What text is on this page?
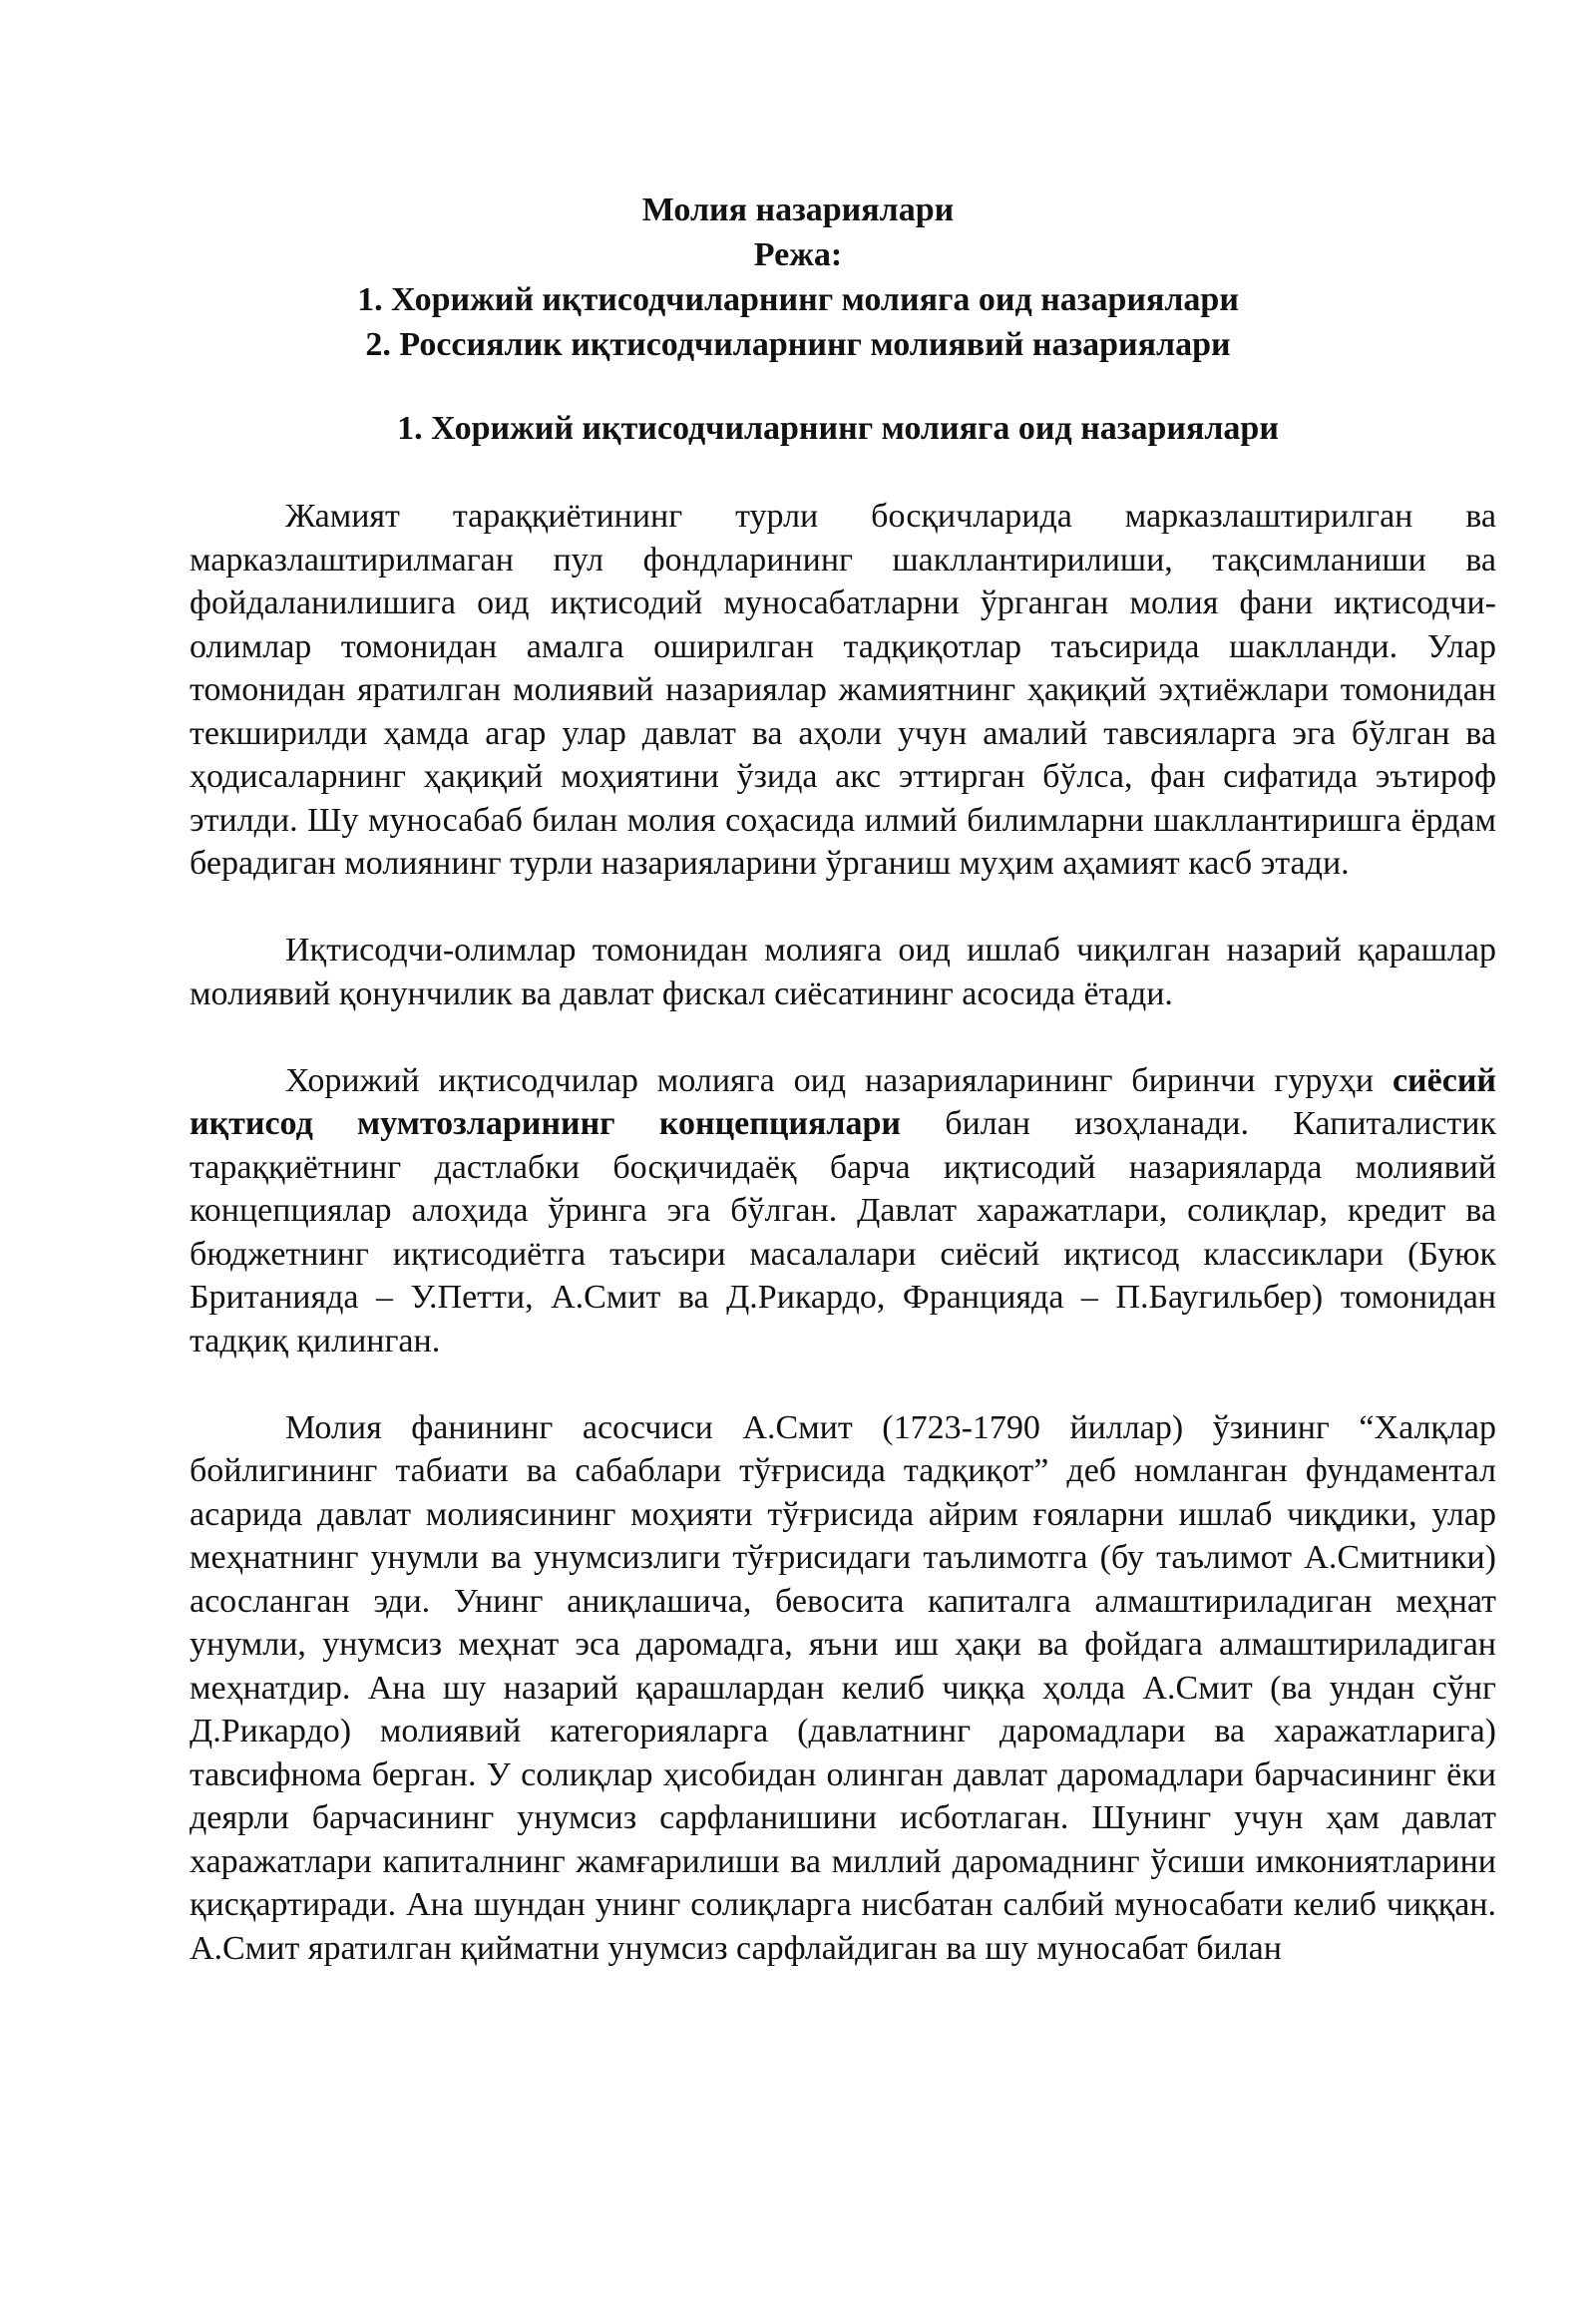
Молия назариялари
Режа:
1. Хорижий иқтисодчиларнинг молияга оид назариялари
2. Россиялик иқтисодчиларнинг молиявий назариялари
1. Хорижий иқтисодчиларнинг молияга оид назариялари

Жамият тараққиётининг турли босқичларида марказлаштирилган ва марказлаштирилмаган пул фондларининг шакллантирилиши, тақсимланиши ва фойдаланилишига оид иқтисодий муносабатларни ўрганган молия фани иқтисодчи-олимлар томонидан амалга оширилган тадқиқотлар таъсирида шаклланди. Улар томонидан яратилган молиявий назариялар жамиятнинг ҳақиқий эҳтиёжлари томонидан текширилди ҳамда агар улар давлат ва аҳоли учун амалий тавсияларга эга бўлган ва ҳодисаларнинг ҳақиқий моҳиятини ўзида акс эттирган бўлса, фан сифатида эътироф этилди. Шу муносабаб билан молия соҳасида илмий билимларни шакллантиришга ёрдам берадиган молиянинг турли назарияларини ўрганиш муҳим аҳамият касб этади.

Иқтисодчи-олимлар томонидан молияга оид ишлаб чиқилган назарий қарашлар молиявий қонунчилик ва давлат фискал сиёсатининг асосида ётади.

Хорижий иқтисодчилар молияга оид назарияларининг биринчи гуруҳи сиёсий иқтисод мумтозларининг концепциялари билан изоҳланади. Капиталистик тараққиётнинг дастлабки босқичидаёқ барча иқтисодий назарияларда молиявий концепциялар алоҳида ўринга эга бўлган. Давлат харажатлари, солиқлар, кредит ва бюджетнинг иқтисодиётга таъсири масалалари сиёсий иқтисод классиклари (Буюк Британияда – У.Петти, А.Смит ва Д.Рикардо, Францияда – П.Баугильбер) томонидан тадқиқ қилинган.

Молия фанининг асосчиси А.Смит (1723-1790 йиллар) ўзининг “Халқлар бойлигининг табиати ва сабаблари тўғрисида тадқиқот” деб номланган фундаментал асарида давлат молиясининг моҳияти тўғрисида айрим ғояларни ишлаб чиқдики, улар меҳнатнинг унумли ва унумсизлиги тўғрисидаги таълимотга (бу таълимот А.Смитники) асосланган эди. Унинг аниқлашича, бевосита капиталга алмаштириладиган меҳнат унумли, унумсиз меҳнат эса даромадга, яъни иш ҳақи ва фойдага алмаштириладиган меҳнатдир. Ана шу назарий қарашлардан келиб чиққа ҳолда А.Смит (ва ундан сўнг Д.Рикардо) молиявий категорияларга (давлатнинг даромадлари ва харажатларига) тавсифнома берган. У солиқлар ҳисобидан олинган давлат даромадлари барчасининг ёки деярли барчасининг унумсиз сарфланишини исботлаган. Шунинг учун ҳам давлат харажатлари капиталнинг жамғарилиши ва миллий даромаднинг ўсиши имкониятларини қисқартиради. Ана шундан унинг солиқларга нисбатан салбий муносабати келиб чиққан. А.Смит яратилган қийматни унумсиз сарфлайдиган ва шу муносабат билан
